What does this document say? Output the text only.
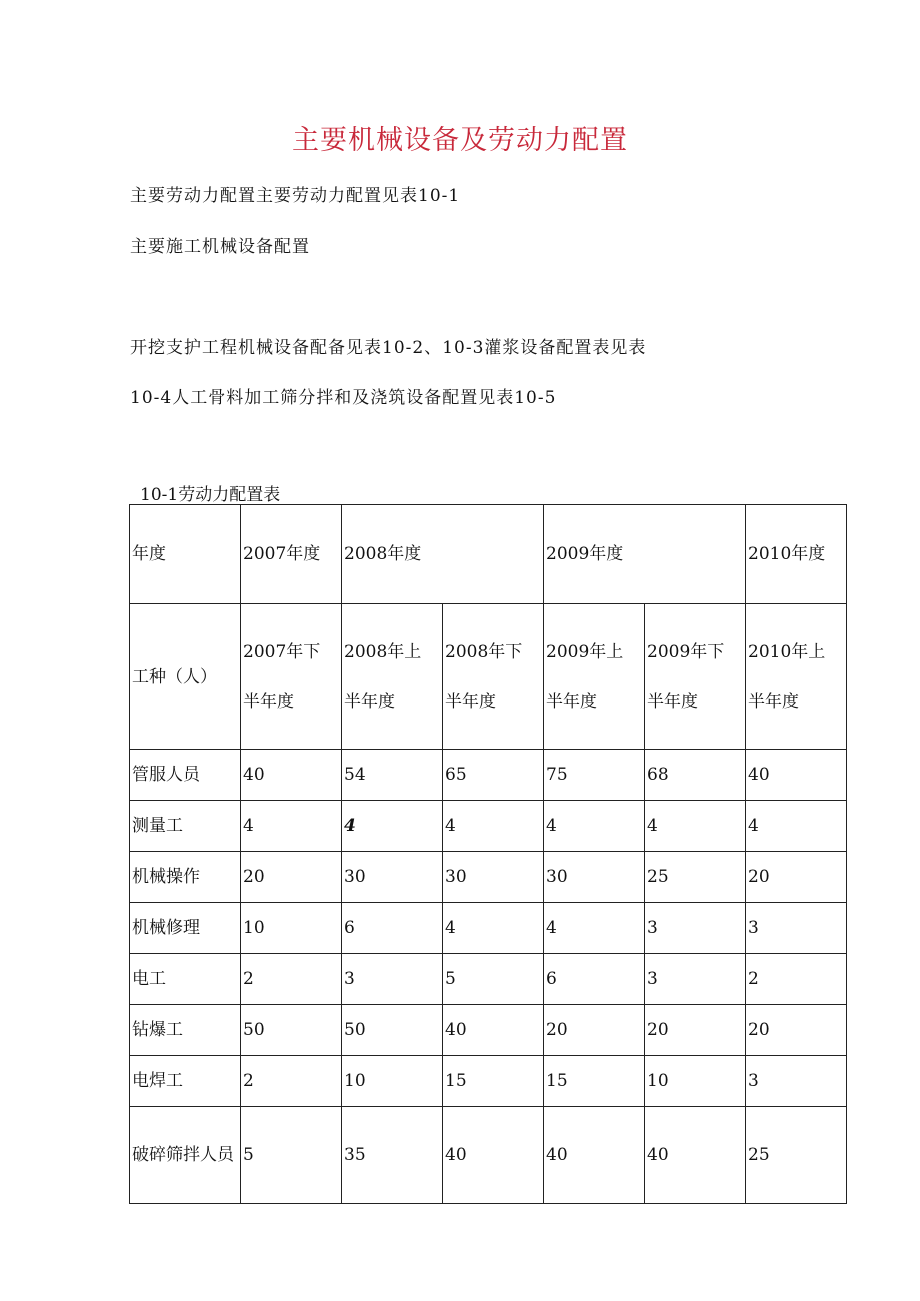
主要机械设备及劳动力配置

主要劳动力配置主要劳动力配置见表10-1

主要施工机械设备配置

开挖支护工程机械设备配备见表10-2、10-3灌浆设备配置表见表

10-4人工骨料加工筛分拌和及浇筑设备配置见表10-5

10-1劳动力配置表

年度	2007年度	2008年度		2009年度		2010年度
工种（人）	2007年下半年度	2008年上半年度	2008年下半年度	2009年上半年度	2009年下半年度	2010年上半年度
管服人员	40	54	65	75	68	40
测量工	4	4	4	4	4	4
机械操作	20	30	30	30	25	20
机械修理	10	6	4	4	3	3
电工	2	3	5	6	3	2
钻爆工	50	50	40	20	20	20
电焊工	2	10	15	15	10	3
破碎筛拌人员	5	35	40	40	40	25
